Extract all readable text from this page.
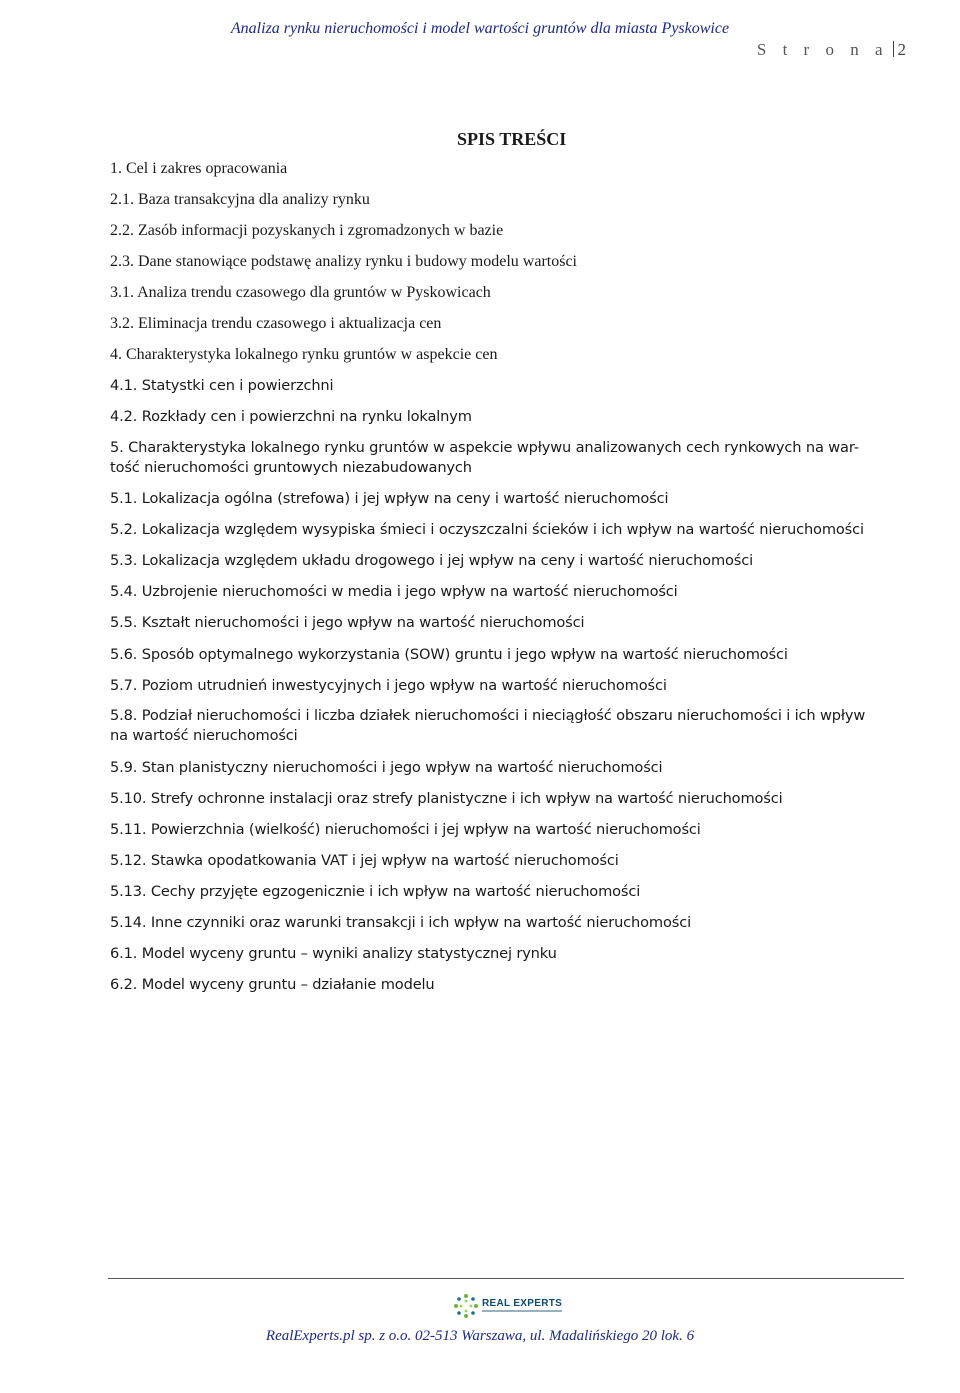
Analiza rynku nieruchomości i model wartości gruntów dla miasta Pyskowice
S t r o n a 2
SPIS TREŚCI
1. Cel i zakres opracowania
2.1. Baza transakcyjna dla analizy rynku
2.2. Zasób informacji pozyskanych i zgromadzonych w bazie
2.3. Dane stanowiące podstawę analizy rynku i budowy modelu wartości
3.1. Analiza trendu czasowego dla gruntów w Pyskowicach
3.2. Eliminacja trendu czasowego i aktualizacja cen
4. Charakterystyka lokalnego rynku gruntów w aspekcie cen
4.1. Statystki cen i powierzchni
4.2. Rozkłady cen i powierzchni na rynku lokalnym
5. Charakterystyka lokalnego rynku gruntów w aspekcie wpływu analizowanych cech rynkowych na war-
tość nieruchomości gruntowych niezabudowanych
5.1. Lokalizacja ogólna (strefowa) i jej wpływ na ceny i wartość nieruchomości
5.2. Lokalizacja względem wysypiska śmieci i oczyszczalni ścieków i ich wpływ na wartość nieruchomości
5.3. Lokalizacja względem układu drogowego i jej wpływ na ceny i wartość nieruchomości
5.4. Uzbrojenie nieruchomości w media i jego wpływ na wartość nieruchomości
5.5. Kształt nieruchomości i jego wpływ na wartość nieruchomości
5.6. Sposób optymalnego wykorzystania (SOW) gruntu i jego wpływ na wartość nieruchomości
5.7. Poziom utrudnień inwestycyjnych i jego wpływ na wartość nieruchomości
5.8. Podział nieruchomości i liczba działek nieruchomości i nieciągłość obszaru nieruchomości i ich wpływ
na wartość nieruchomości
5.9. Stan planistyczny nieruchomości i jego wpływ na wartość nieruchomości
5.10. Strefy ochronne instalacji oraz strefy planistyczne i ich wpływ na wartość nieruchomości
5.11. Powierzchnia (wielkość) nieruchomości i jej wpływ na wartość nieruchomości
5.12. Stawka opodatkowania VAT i jej wpływ na wartość nieruchomości
5.13. Cechy przyjęte egzogenicznie i ich wpływ na wartość nieruchomości
5.14. Inne czynniki oraz warunki transakcji i ich wpływ na wartość nieruchomości
6.1. Model wyceny gruntu – wyniki analizy statystycznej rynku
6.2. Model wyceny gruntu – działanie modelu
REAL EXPERTS
RealExperts.pl sp. z o.o. 02-513 Warszawa, ul. Madalińskiego 20 lok. 6
